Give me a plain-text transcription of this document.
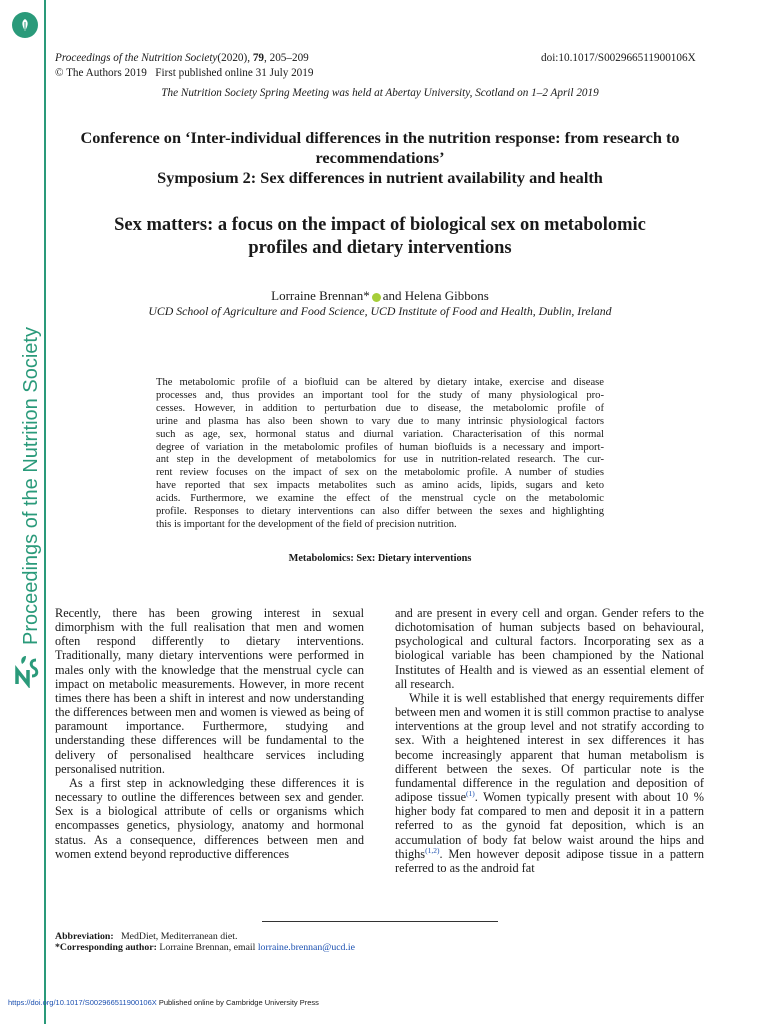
Proceedings of the Nutrition Society
Proceedings of the Nutrition Society(2020), 79, 205–209	doi:10.1017/S002966511900106X
© The Authors 2019 First published online 31 July 2019
The Nutrition Society Spring Meeting was held at Abertay University, Scotland on 1–2 April 2019
Conference on ‘Inter-individual differences in the nutrition response: from research to
recommendations’
Symposium 2: Sex differences in nutrient availability and health
Sex matters: a focus on the impact of biological sex on metabolomic
profiles and dietary interventions
Lorraine Brennan* and Helena Gibbons
UCD School of Agriculture and Food Science, UCD Institute of Food and Health, Dublin, Ireland
The metabolomic profile of a biofluid can be altered by dietary intake, exercise and disease
processes and, thus provides an important tool for the study of many physiological pro-
cesses. However, in addition to perturbation due to disease, the metabolomic profile of
urine and plasma has also been shown to vary due to many intrinsic physiological factors
such as age, sex, hormonal status and diurnal variation. Characterisation of this normal
degree of variation in the metabolomic profiles of human biofluids is a necessary and import-
ant step in the development of metabolomics for use in nutrition-related research. The cur-
rent review focuses on the impact of sex on the metabolomic profile. A number of studies
have reported that sex impacts metabolites such as amino acids, lipids, sugars and keto
acids. Furthermore, we examine the effect of the menstrual cycle on the metabolomic
profile. Responses to dietary interventions can also differ between the sexes and highlighting
this is important for the development of the field of precision nutrition.
Metabolomics: Sex: Dietary interventions

Recently, there has been growing interest in sexual dimorphism with the full realisation that men and women often respond differently to dietary interventions. Traditionally, many dietary interventions were performed in males only with the knowledge that the menstrual cycle can impact on metabolic measurements. However, in more recent times there has been a shift in interest and now understanding the differences between men and women is viewed as being of paramount importance. Furthermore, studying and understanding these differences will be fundamental to the delivery of personalised healthcare services including personalised nutrition.

As a first step in acknowledging these differences it is necessary to outline the differences between sex and gender. Sex is a biological attribute of cells or organisms which encompasses genetics, physiology, anatomy and hormonal status. As a consequence, differences between men and women extend beyond reproductive differences

and are present in every cell and organ. Gender refers to the dichotomisation of human subjects based on behavioural, psychological and cultural factors. Incorporating sex as a biological variable has been championed by the National Institutes of Health and is viewed as an essential element of all research.

While it is well established that energy requirements differ between men and women it is still common practise to analyse interventions at the group level and not stratify according to sex. With a heightened interest in sex differences it has become increasingly apparent that human metabolism is different between the sexes. Of particular note is the fundamental difference in the regulation and deposition of adipose tissue$^{(1)}$. Women typically present with about 10 % higher body fat compared to men and deposit it in a pattern referred to as the gynoid fat deposition, which is an accumulation of body fat below waist around the hips and thighs$^{(1,2)}$. Men however deposit adipose tissue in a pattern referred to as the android fat

Abbreviation: MedDiet, Mediterranean diet.
*Corresponding author: Lorraine Brennan, email lorraine.brennan@ucd.ie
https://doi.org/10.1017/S002966511900106X Published online by Cambridge University Press
